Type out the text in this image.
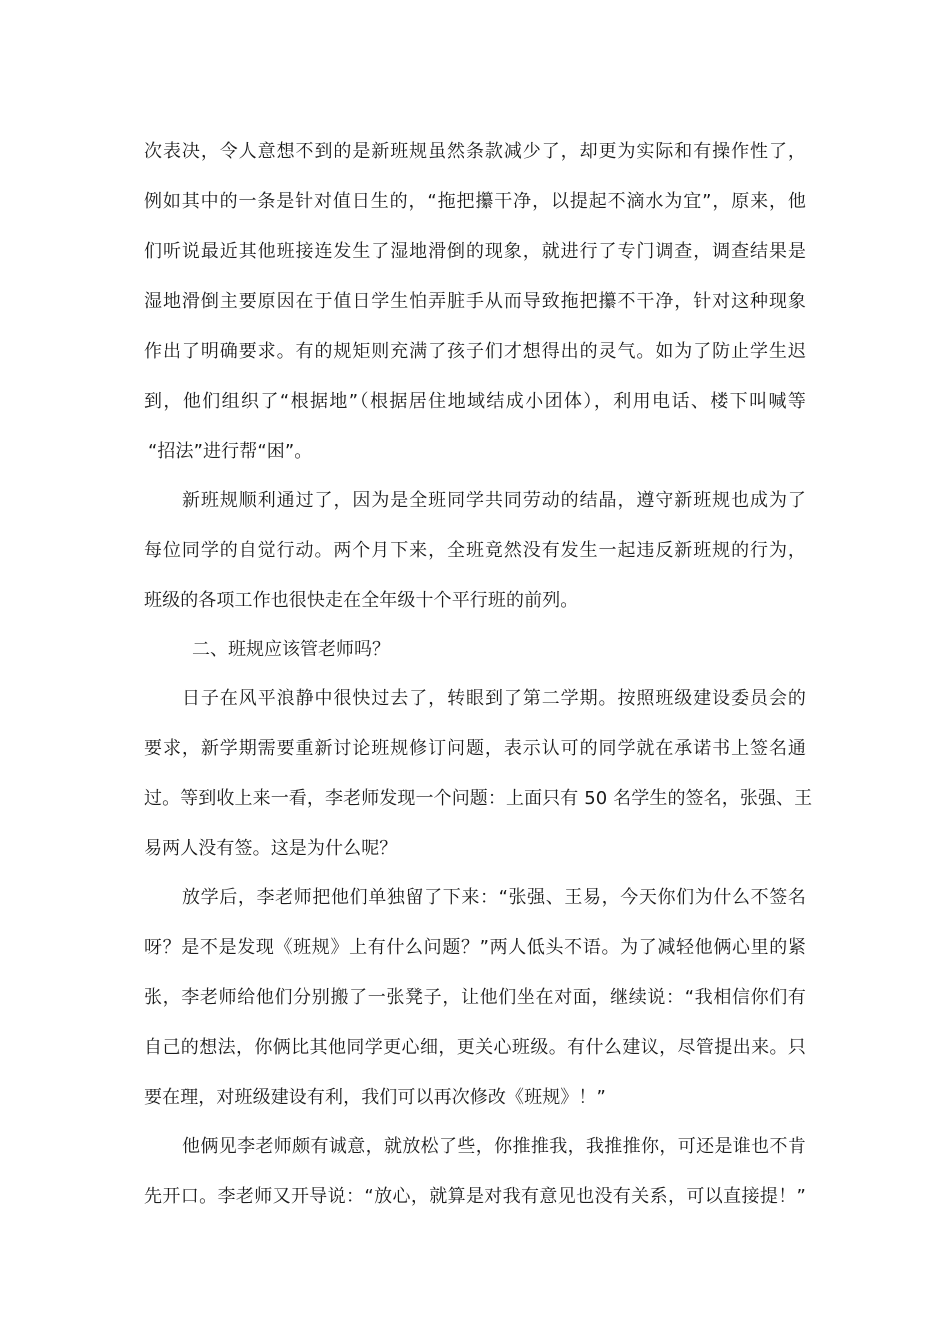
次表决，令人意想不到的是新班规虽然条款减少了，却更为实际和有操作性了，
例如其中的一条是针对值日生的，“拖把攥干净，以提起不滴水为宜”，原来，他
们听说最近其他班接连发生了湿地滑倒的现象，就进行了专门调查，调查结果是
湿地滑倒主要原因在于值日学生怕弄脏手从而导致拖把攥不干净，针对这种现象
作出了明确要求。有的规矩则充满了孩子们才想得出的灵气。如为了防止学生迟
到，他们组织了“根据地”（根据居住地域结成小团体），利用电话、楼下叫喊等
“招法”进行帮“困”。
新班规顺利通过了，因为是全班同学共同劳动的结晶，遵守新班规也成为了
每位同学的自觉行动。两个月下来，全班竟然没有发生一起违反新班规的行为，
班级的各项工作也很快走在全年级十个平行班的前列。
二、班规应该管老师吗？
日子在风平浪静中很快过去了，转眼到了第二学期。按照班级建设委员会的
要求，新学期需要重新讨论班规修订问题，表示认可的同学就在承诺书上签名通
过。等到收上来一看，李老师发现一个问题：上面只有 50 名学生的签名，张强、王
易两人没有签。这是为什么呢？
放学后，李老师把他们单独留了下来：“张强、王易，今天你们为什么不签名
呀？是不是发现《班规》上有什么问题？”两人低头不语。为了减轻他俩心里的紧
张，李老师给他们分别搬了一张凳子，让他们坐在对面，继续说：“我相信你们有
自己的想法，你俩比其他同学更心细，更关心班级。有什么建议，尽管提出来。只
要在理，对班级建设有利，我们可以再次修改《班规》！”
他俩见李老师颇有诚意，就放松了些，你推推我，我推推你，可还是谁也不肯
先开口。李老师又开导说：“放心，就算是对我有意见也没有关系，可以直接提！”
